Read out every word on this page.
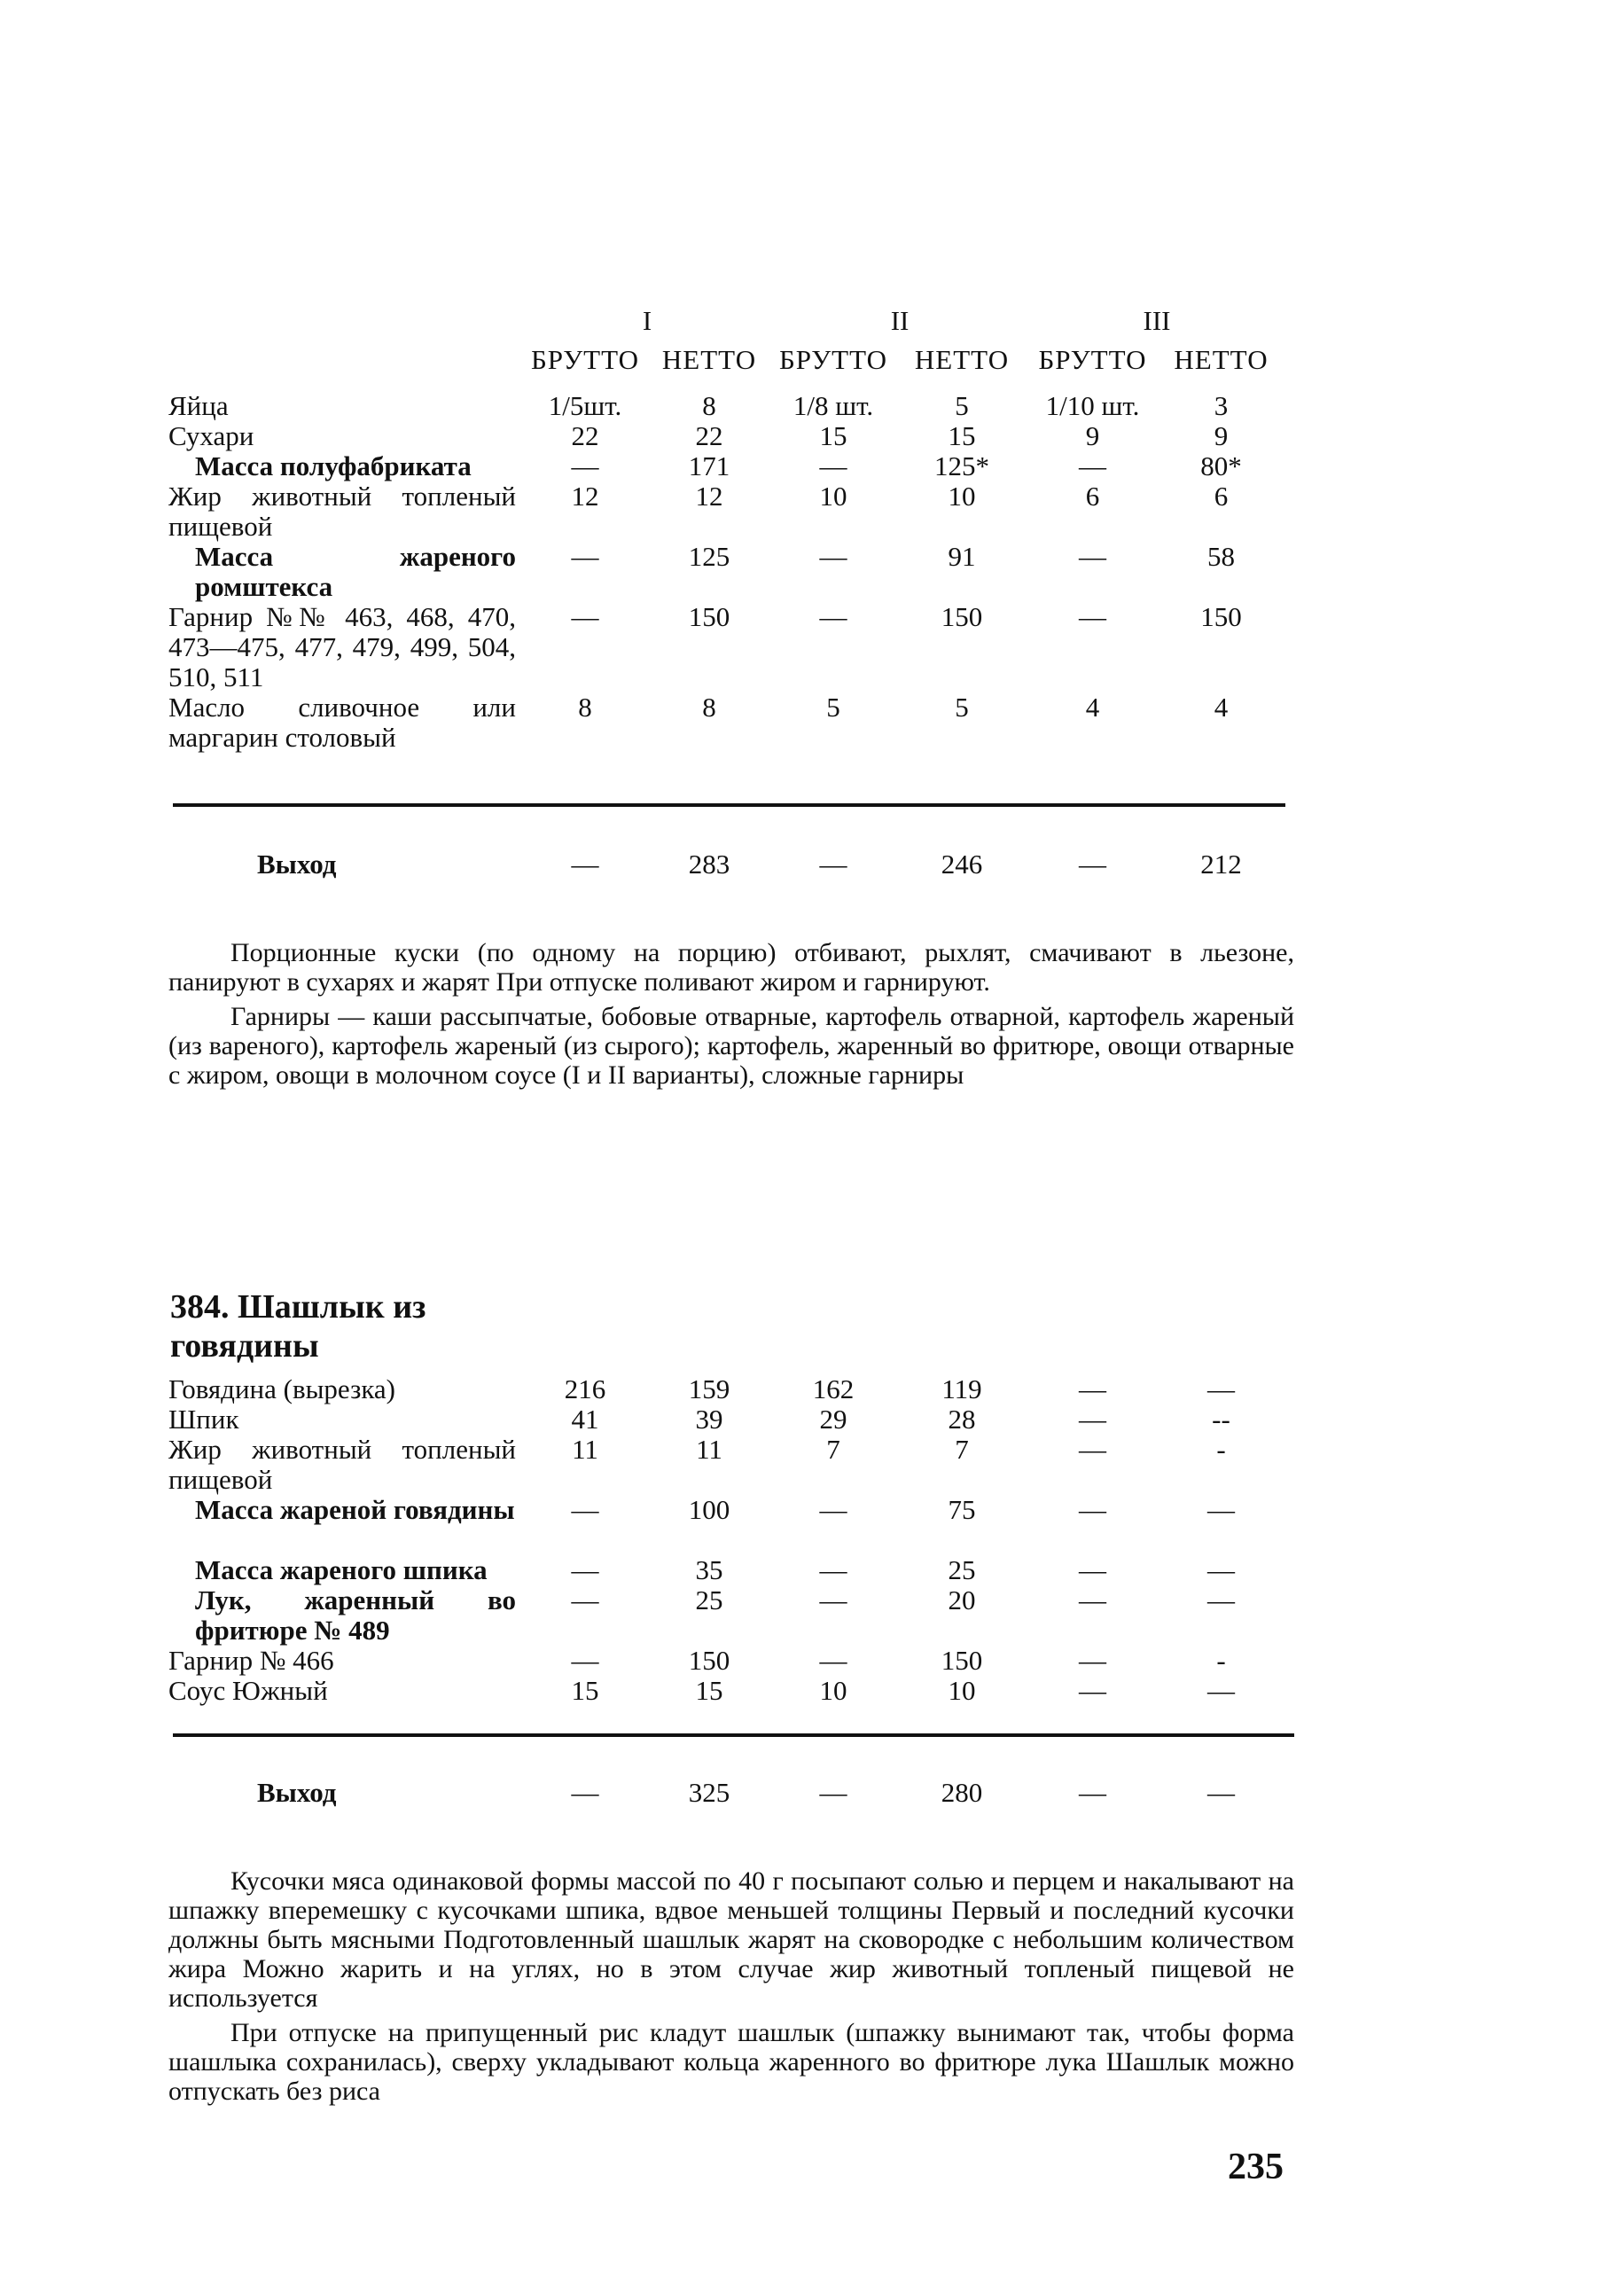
	I		II		III	
	БРУТТО	НЕТТО	БРУТТО	НЕТТО	БРУТТО	НЕТТО
Яйца	1/5шт.	8	1/8 шт.	5	1/10 шт.	3
Сухари	22	22	15	15	9	9
Масса полуфабриката	—	171	—	125*	—	80*
Жир животный топленый пищевой	12	12	10	10	6	6
Масса жареного ромштекса	—	125	—	91	—	58
Гарнир №№ 463, 468, 470, 473—475, 477, 479, 499, 504, 510, 511	—	150	—	150	—	150
Масло сливочное или маргарин столовый	8	8	5	5	4	4
Выход	—	283	—	246	—	212

Порционные куски (по одному на порцию) отбивают, рыхлят, смачивают в льезоне, панируют в сухарях и жарят При отпуске поливают жиром и гарнируют.

Гарниры — каши рассыпчатые, бобовые отварные, картофель отварной, картофель жареный (из вареного), картофель жареный (из сырого); картофель, жаренный во фритюре, овощи отварные с жиром, овощи в молочном соусе (I и II варианты), сложные гарниры

384. Шашлык из говядины
Говядина (вырезка)	216	159	162	119	—	—
Шпик	41	39	29	28	—	--
Жир животный топленый пищевой	11	11	7	7	—	-
Масса жареной говядины	—	100	—	75	—	—
Масса жареного шпика	—	35	—	25	—	—
Лук, жаренный во фритюре № 489	—	25	—	20	—	—
Гарнир № 466	—	150	—	150	—	-
Соус Южный	15	15	10	10	—	—
Выход	—	325	—	280	—	—

Кусочки мяса одинаковой формы массой по 40 г посыпают солью и перцем и накалывают на шпажку вперемешку с кусочками шпика, вдвое меньшей толщины Первый и последний кусочки должны быть мясными Подготовленный шашлык жарят на сковородке с небольшим количеством жира Можно жарить и на углях, но в этом случае жир животный топленый пищевой не используется

При отпуске на припущенный рис кладут шашлык (шпажку вынимают так, чтобы форма шашлыка сохранилась), сверху укладывают кольца жаренного во фритюре лука Шашлык можно отпускать без риса

235
